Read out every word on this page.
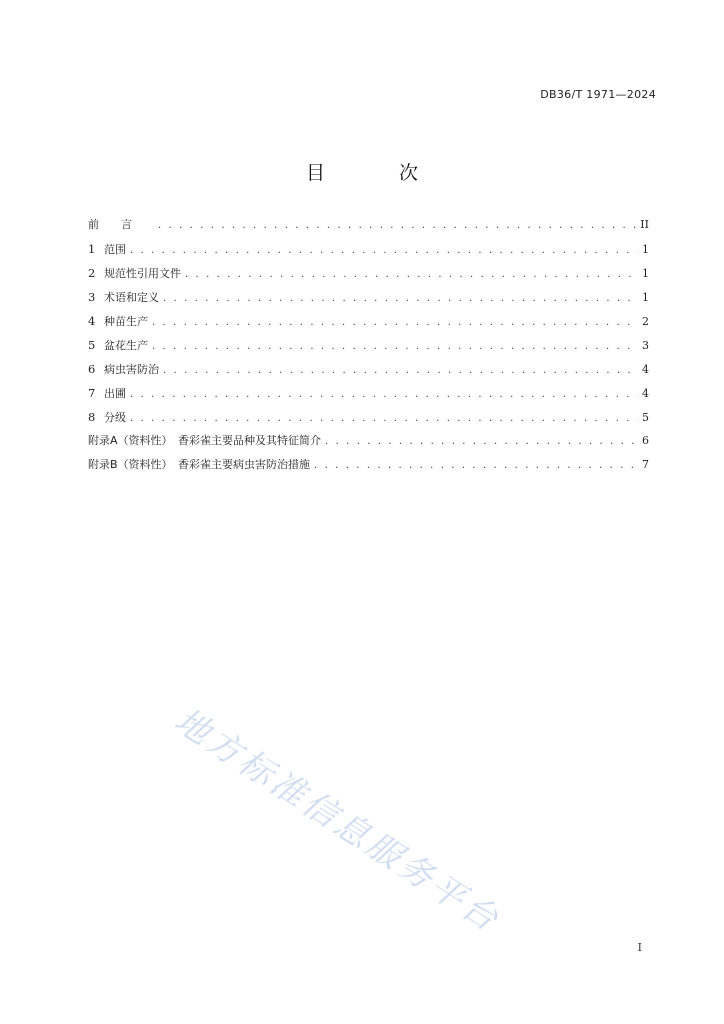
DB36/T 1971—2024
目 次
前言 . . .	II
1 范围 . . .	1
2 规范性引用文件 . . .	1
3 术语和定义 . . .	1
4 种苗生产 . . .	2
5 盆花生产 . . .	3
6 病虫害防治 . . .	4
7 出圃 . . .	4
8 分级 . . .	5
附录A（资料性）　香彩雀主要品种及其特征简介 . . .	6
附录B（资料性）　香彩雀主要病虫害防治措施 . . .	7
地方标准信息服务平台
I
